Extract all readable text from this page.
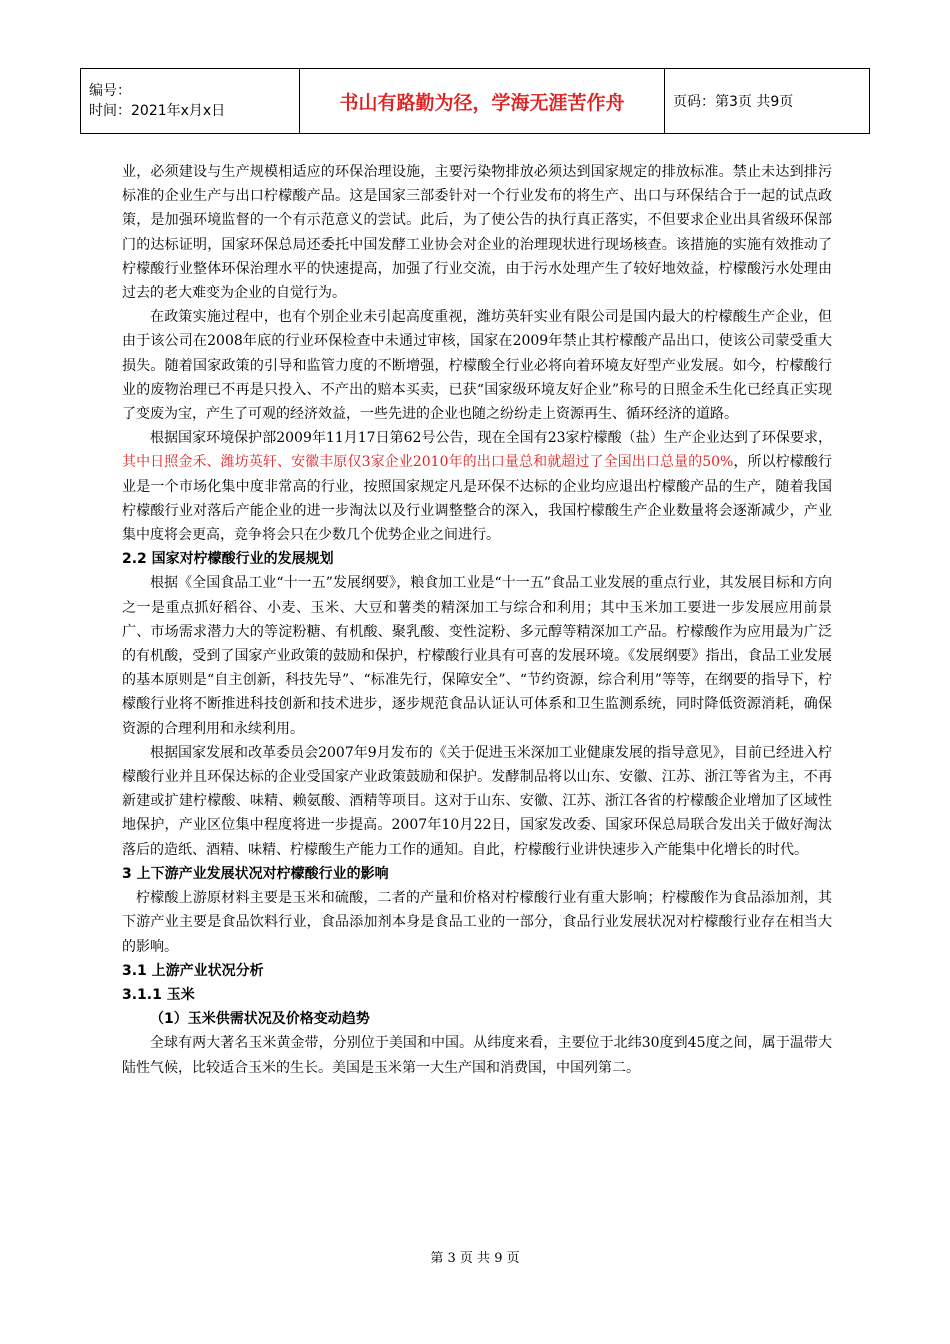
编号：
时间：2021年x月x日	书山有路勤为径，学海无涯苦作舟	页码：第3页 共9页

业，必须建设与生产规模相适应的环保治理设施，主要污染物排放必须达到国家规定的排放标准。禁止未达到排污标准的企业生产与出口柠檬酸产品。这是国家三部委针对一个行业发布的将生产、出口与环保结合于一起的试点政策，是加强环境监督的一个有示范意义的尝试。此后，为了使公告的执行真正落实，不但要求企业出具省级环保部门的达标证明，国家环保总局还委托中国发酵工业协会对企业的治理现状进行现场核查。该措施的实施有效推动了柠檬酸行业整体环保治理水平的快速提高，加强了行业交流，由于污水处理产生了较好地效益，柠檬酸污水处理由过去的老大难变为企业的自觉行为。

在政策实施过程中，也有个别企业未引起高度重视，潍坊英轩实业有限公司是国内最大的柠檬酸生产企业，但由于该公司在2008年底的行业环保检查中未通过审核，国家在2009年禁止其柠檬酸产品出口，使该公司蒙受重大损失。随着国家政策的引导和监管力度的不断增强，柠檬酸全行业必将向着环境友好型产业发展。如今，柠檬酸行业的废物治理已不再是只投入、不产出的赔本买卖，已获“国家级环境友好企业”称号的日照金禾生化已经真正实现了变废为宝，产生了可观的经济效益，一些先进的企业也随之纷纷走上资源再生、循环经济的道路。

根据国家环境保护部2009年11月17日第62号公告，现在全国有23家柠檬酸（盐）生产企业达到了环保要求，其中日照金禾、潍坊英轩、安徽丰原仅3家企业2010年的出口量总和就超过了全国出口总量的50%，所以柠檬酸行业是一个市场化集中度非常高的行业，按照国家规定凡是环保不达标的企业均应退出柠檬酸产品的生产，随着我国柠檬酸行业对落后产能企业的进一步淘汰以及行业调整整合的深入，我国柠檬酸生产企业数量将会逐渐减少，产业集中度将会更高，竞争将会只在少数几个优势企业之间进行。

2.2 国家对柠檬酸行业的发展规划

根据《全国食品工业“十一五”发展纲要》，粮食加工业是“十一五”食品工业发展的重点行业，其发展目标和方向之一是重点抓好稻谷、小麦、玉米、大豆和薯类的精深加工与综合和利用；其中玉米加工要进一步发展应用前景广、市场需求潜力大的等淀粉糖、有机酸、聚乳酸、变性淀粉、多元醇等精深加工产品。柠檬酸作为应用最为广泛的有机酸，受到了国家产业政策的鼓励和保护，柠檬酸行业具有可喜的发展环境。《发展纲要》指出，食品工业发展的基本原则是“自主创新，科技先导”、“标准先行，保障安全”、“节约资源，综合利用”等等，在纲要的指导下，柠檬酸行业将不断推进科技创新和技术进步，逐步规范食品认证认可体系和卫生监测系统，同时降低资源消耗，确保资源的合理利用和永续利用。

根据国家发展和改革委员会2007年9月发布的《关于促进玉米深加工业健康发展的指导意见》，目前已经进入柠檬酸行业并且环保达标的企业受国家产业政策鼓励和保护。发酵制品将以山东、安徽、江苏、浙江等省为主，不再新建或扩建柠檬酸、味精、赖氨酸、酒精等项目。这对于山东、安徽、江苏、浙江各省的柠檬酸企业增加了区域性地保护，产业区位集中程度将进一步提高。2007年10月22日，国家发改委、国家环保总局联合发出关于做好淘汰落后的造纸、酒精、味精、柠檬酸生产能力工作的通知。自此，柠檬酸行业讲快速步入产能集中化增长的时代。

3 上下游产业发展状况对柠檬酸行业的影响

柠檬酸上游原材料主要是玉米和硫酸，二者的产量和价格对柠檬酸行业有重大影响；柠檬酸作为食品添加剂，其下游产业主要是食品饮料行业，食品添加剂本身是食品工业的一部分，食品行业发展状况对柠檬酸行业存在相当大的影响。

3.1 上游产业状况分析
3.1.1 玉米
（1）玉米供需状况及价格变动趋势

全球有两大著名玉米黄金带，分别位于美国和中国。从纬度来看，主要位于北纬30度到45度之间，属于温带大陆性气候，比较适合玉米的生长。美国是玉米第一大生产国和消费国，中国列第二。

第 3 页 共 9 页
